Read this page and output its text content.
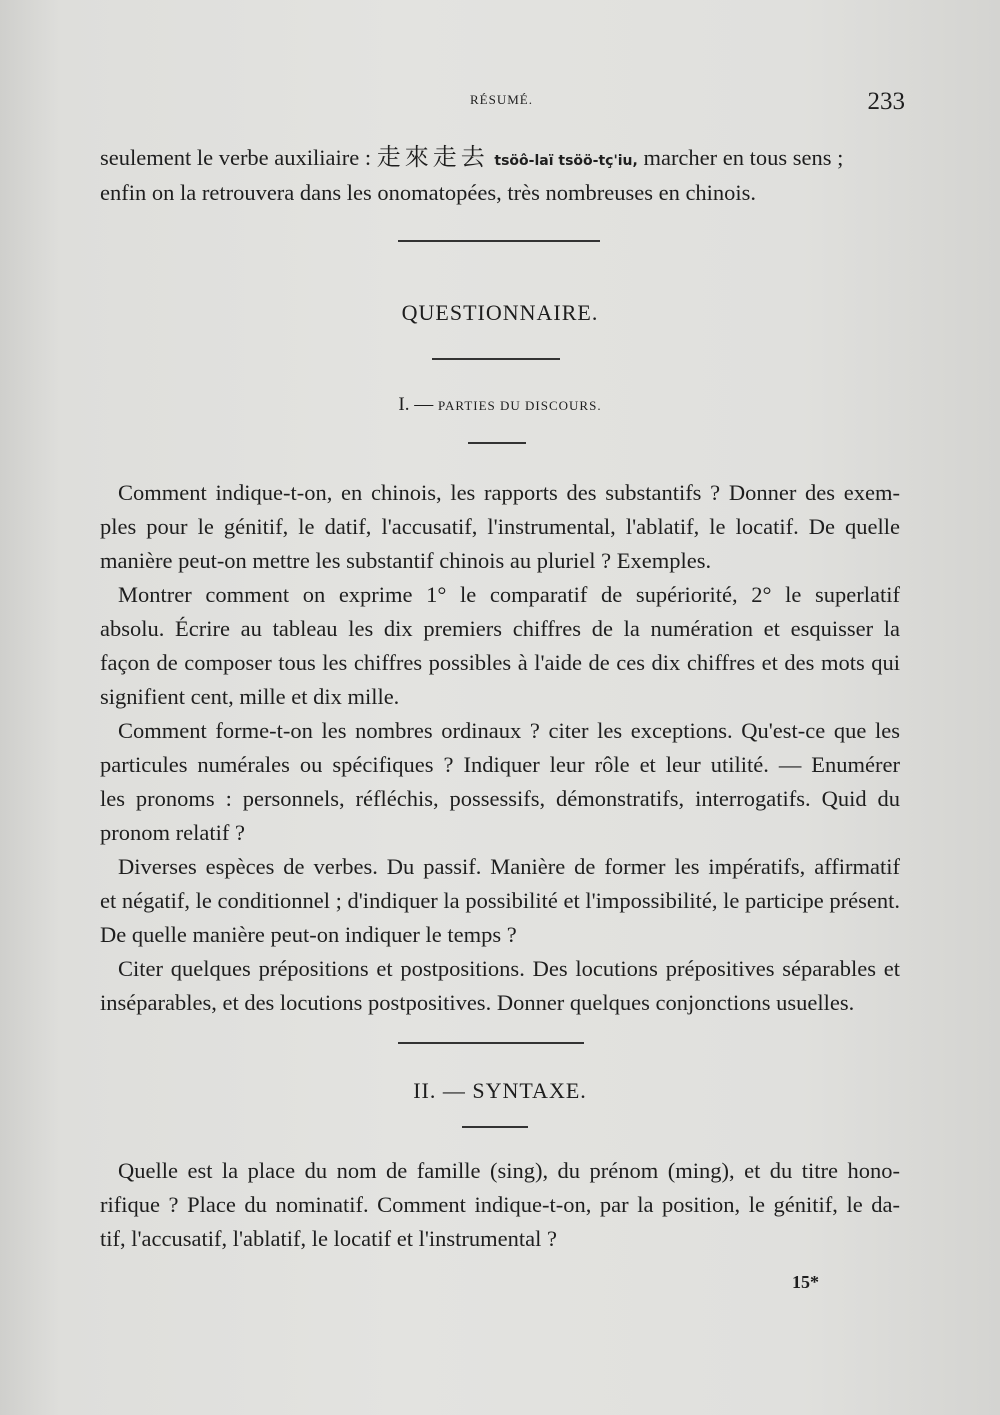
RÉSUMÉ.	233
seulement le verbe auxiliaire : 走來走去 tsöô-laï tsöö-tç'iu, marcher en tous sens ;
enfin on la retrouvera dans les onomatopées, très nombreuses en chinois.
QUESTIONNAIRE.
I. — PARTIES DU DISCOURS.
Comment indique-t-on, en chinois, les rapports des substantifs ? Donner des exem-
ples pour le génitif, le datif, l'accusatif, l'instrumental, l'ablatif, le locatif. De quelle
manière peut-on mettre les substantif chinois au pluriel ? Exemples.
Montrer comment on exprime 1° le comparatif de supériorité, 2° le superlatif
absolu. Écrire au tableau les dix premiers chiffres de la numération et esquisser la
façon de composer tous les chiffres possibles à l'aide de ces dix chiffres et des mots qui
signifient cent, mille et dix mille.
Comment forme-t-on les nombres ordinaux ? citer les exceptions. Qu'est-ce que les
particules numérales ou spécifiques ? Indiquer leur rôle et leur utilité. — Enumérer
les pronoms : personnels, réfléchis, possessifs, démonstratifs, interrogatifs. Quid du
pronom relatif ?
Diverses espèces de verbes. Du passif. Manière de former les impératifs, affirmatif
et négatif, le conditionnel ; d'indiquer la possibilité et l'impossibilité, le participe présent.
De quelle manière peut-on indiquer le temps ?
Citer quelques prépositions et postpositions. Des locutions prépositives séparables et
inséparables, et des locutions postpositives. Donner quelques conjonctions usuelles.
II. — SYNTAXE.
Quelle est la place du nom de famille (sing), du prénom (ming), et du titre hono-
rifique ? Place du nominatif. Comment indique-t-on, par la position, le génitif, le da-
tif, l'accusatif, l'ablatif, le locatif et l'instrumental ?
15*
